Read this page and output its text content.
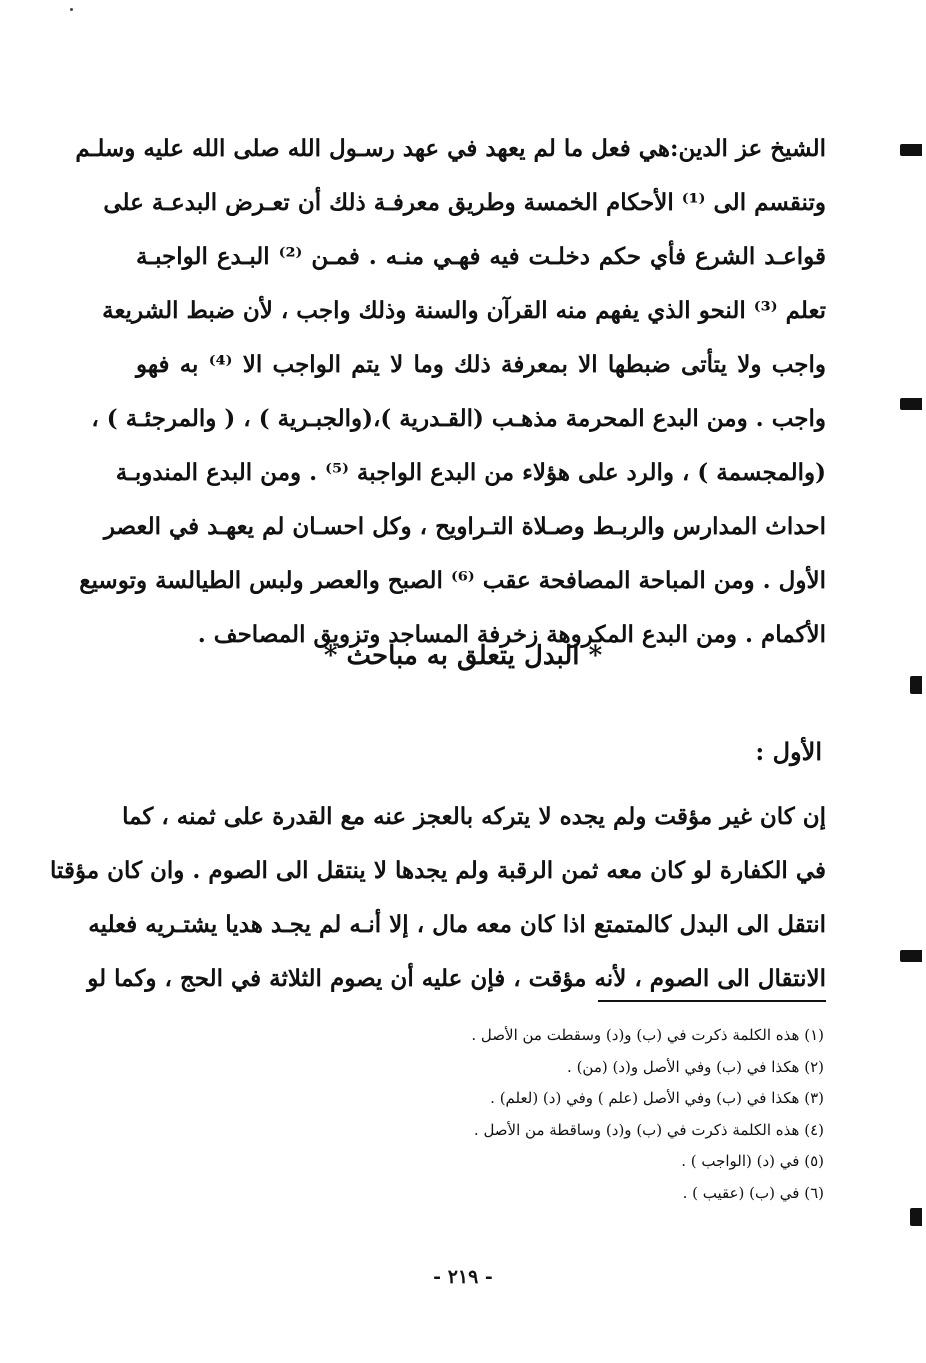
الشيخ عز الدين:هي فعل ما لم يعهد في عهد رسـول الله صلى الله عليه وسلـم
وتنقسم الى ⁽¹⁾ الأحكام الخمسة وطريق معرفـة ذلك أن تعـرض البدعـة على
قواعـد الشرع فأي حكم دخلـت فيه فهـي منـه . فمـن ⁽²⁾ البـدع الواجبـة
تعلم ⁽³⁾ النحو الذي يفهم منه القرآن والسنة وذلك واجب ، لأن ضبط الشريعة
واجب ولا يتأتى ضبطها الا بمعرفة ذلك وما لا يتم الواجب الا ⁽⁴⁾ به فهو
واجب . ومن البدع المحرمة مذهـب (القـدرية )،(والجبـرية ) ، ( والمرجئـة ) ،
(والمجسمة ) ، والرد على هؤلاء من البدع الواجبة ⁽⁵⁾ . ومن البدع المندوبـة
احداث المدارس والربـط وصـلاة التـراويح ، وكل احسـان لم يعهـد في العصر
الأول . ومن المباحة المصافحة عقب ⁽⁶⁾ الصبح والعصر ولبس الطيالسة وتوسيع
الأكمام . ومن البدع المكروهة زخرفة المساجد وتزويق المصاحف .
* البدل يتعلق به مباحث *
الأول :
إن كان غير مؤقت ولم يجده لا يتركه بالعجز عنه مع القدرة على ثمنه ، كما
في الكفارة لو كان معه ثمن الرقبة ولم يجدها لا ينتقل الى الصوم . وان كان مؤقتا
انتقل الى البدل كالمتمتع اذا كان معه مال ، إلا أنـه لم يجـد هديا يشتـريه فعليه
الانتقال الى الصوم ، لأنه مؤقت ، فإن عليه أن يصوم الثلاثة في الحج ، وكما لو
(١) هذه الكلمة ذكرت في (ب) و(د) وسقطت من الأصل .
(٢) هكذا في (ب) وفي الأصل و(د) (من) .
(٣) هكذا في (ب) وفي الأصل (علم ) وفي (د) (لعلم) .
(٤) هذه الكلمة ذكرت في (ب) و(د) وساقطة من الأصل .
(٥) في (د) (الواجب ) .
(٦) في (ب) (عقيب ) .
- ٢١٩ -
